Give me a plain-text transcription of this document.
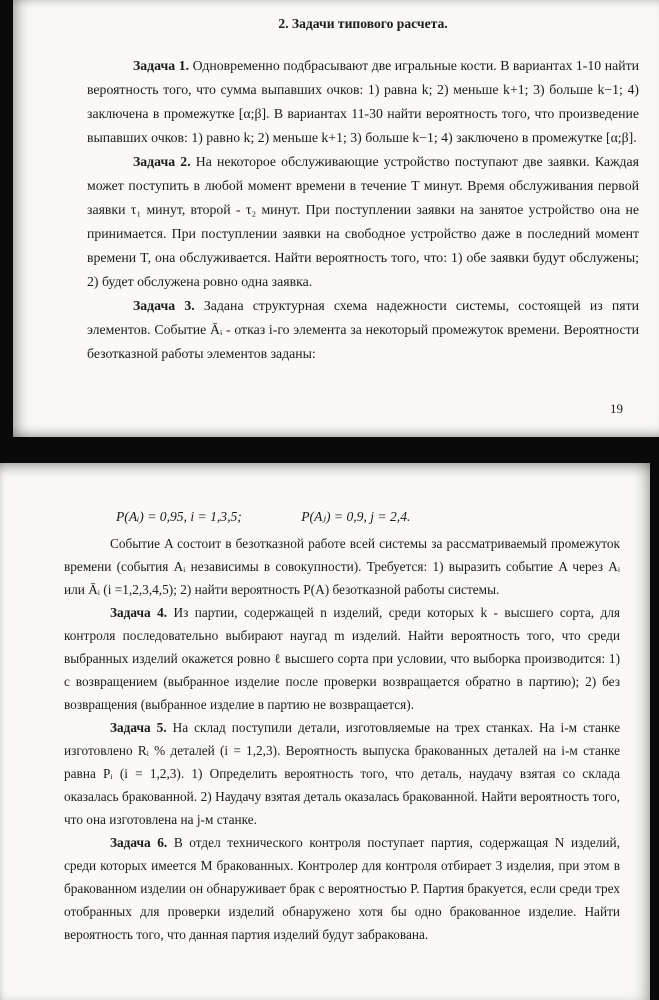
2. Задачи типового расчета.

Задача 1. Одновременно подбрасывают две игральные кости. В вариантах 1-10 найти вероятность того, что сумма выпавших очков: 1) равна k; 2) меньше k+1; 3) больше k−1; 4) заключена в промежутке [α;β]. В вариантах 11-30 найти вероятность того, что произведение выпавших очков: 1) равно k; 2) меньше k+1; 3) больше k−1; 4) заключено в промежутке [α;β].

Задача 2. На некоторое обслуживающие устройство поступают две заявки. Каждая может поступить в любой момент времени в течение T минут. Время обслуживания первой заявки τ₁ минут, второй - τ₂ минут. При поступлении заявки на занятое устройство она не принимается. При поступлении заявки на свободное устройство даже в последний момент времени T, она обслуживается. Найти вероятность того, что: 1) обе заявки будут обслужены; 2) будет обслужена ровно одна заявка.

Задача 3. Задана структурная схема надежности системы, состоящей из пяти элементов. Событие Āᵢ - отказ i-го элемента за некоторый промежуток времени. Вероятности безотказной работы элементов заданы:

19
P(Aᵢ) = 0,95, i = 1,3,5;	P(Aⱼ) = 0,9, j = 2,4.

Событие A состоит в безотказной работе всей системы за рассматриваемый промежуток времени (события Aᵢ независимы в совокупности). Требуется: 1) выразить событие A через Aᵢ или Āᵢ (i =1,2,3,4,5); 2) найти вероятность P(A) безотказной работы системы.

Задача 4. Из партии, содержащей n изделий, среди которых k - высшего сорта, для контроля последовательно выбирают наугад m изделий. Найти вероятность того, что среди выбранных изделий окажется ровно ℓ высшего сорта при условии, что выборка производится: 1) с возвращением (выбранное изделие после проверки возвращается обратно в партию); 2) без возвращения (выбранное изделие в партию не возвращается).

Задача 5. На склад поступили детали, изготовляемые на трех станках. На i-м станке изготовлено Rᵢ % деталей (i = 1,2,3). Вероятность выпуска бракованных деталей на i-м станке равна Pᵢ (i = 1,2,3). 1) Определить вероятность того, что деталь, наудачу взятая со склада оказалась бракованной. 2) Наудачу взятая деталь оказалась бракованной. Найти вероятность того, что она изготовлена на j-м станке.

Задача 6. В отдел технического контроля поступает партия, содержащая N изделий, среди которых имеется M бракованных. Контролер для контроля отбирает 3 изделия, при этом в бракованном изделии он обнаруживает брак с вероятностью P. Партия бракуется, если среди трех отобранных для проверки изделий обнаружено хотя бы одно бракованное изделие. Найти вероятность того, что данная партия изделий будут забракована.
